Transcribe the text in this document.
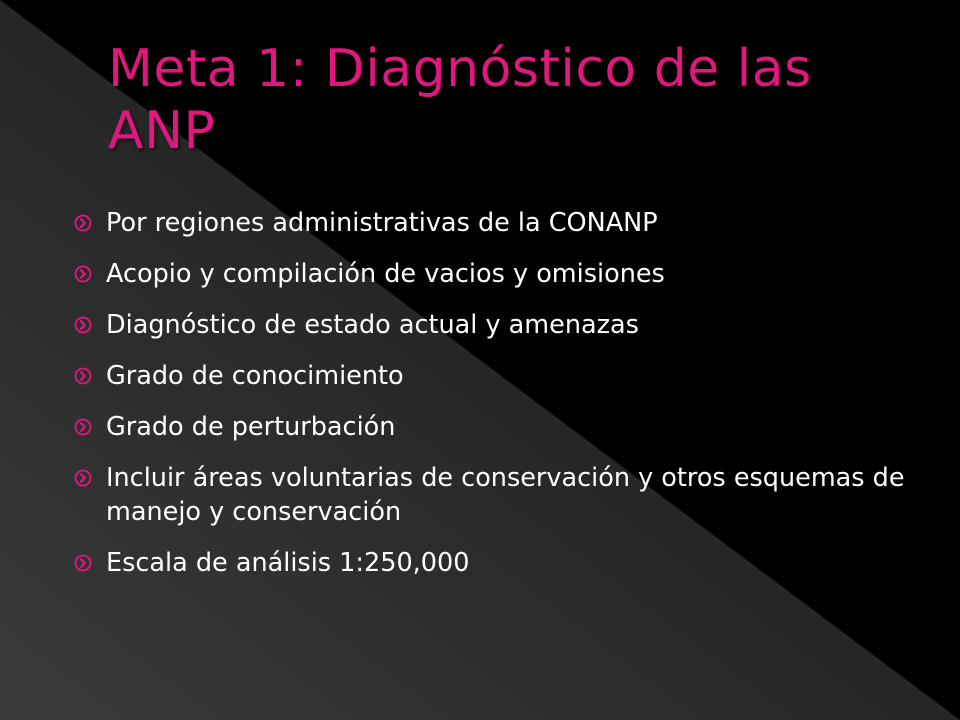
Meta 1: Diagnóstico de las ANP
Por regiones administrativas de la CONANP
Acopio y compilación de vacios y omisiones
Diagnóstico de estado actual y amenazas
Grado de conocimiento
Grado de perturbación
Incluir áreas voluntarias de conservación y otros esquemas de manejo y conservación
Escala de análisis 1:250,000
